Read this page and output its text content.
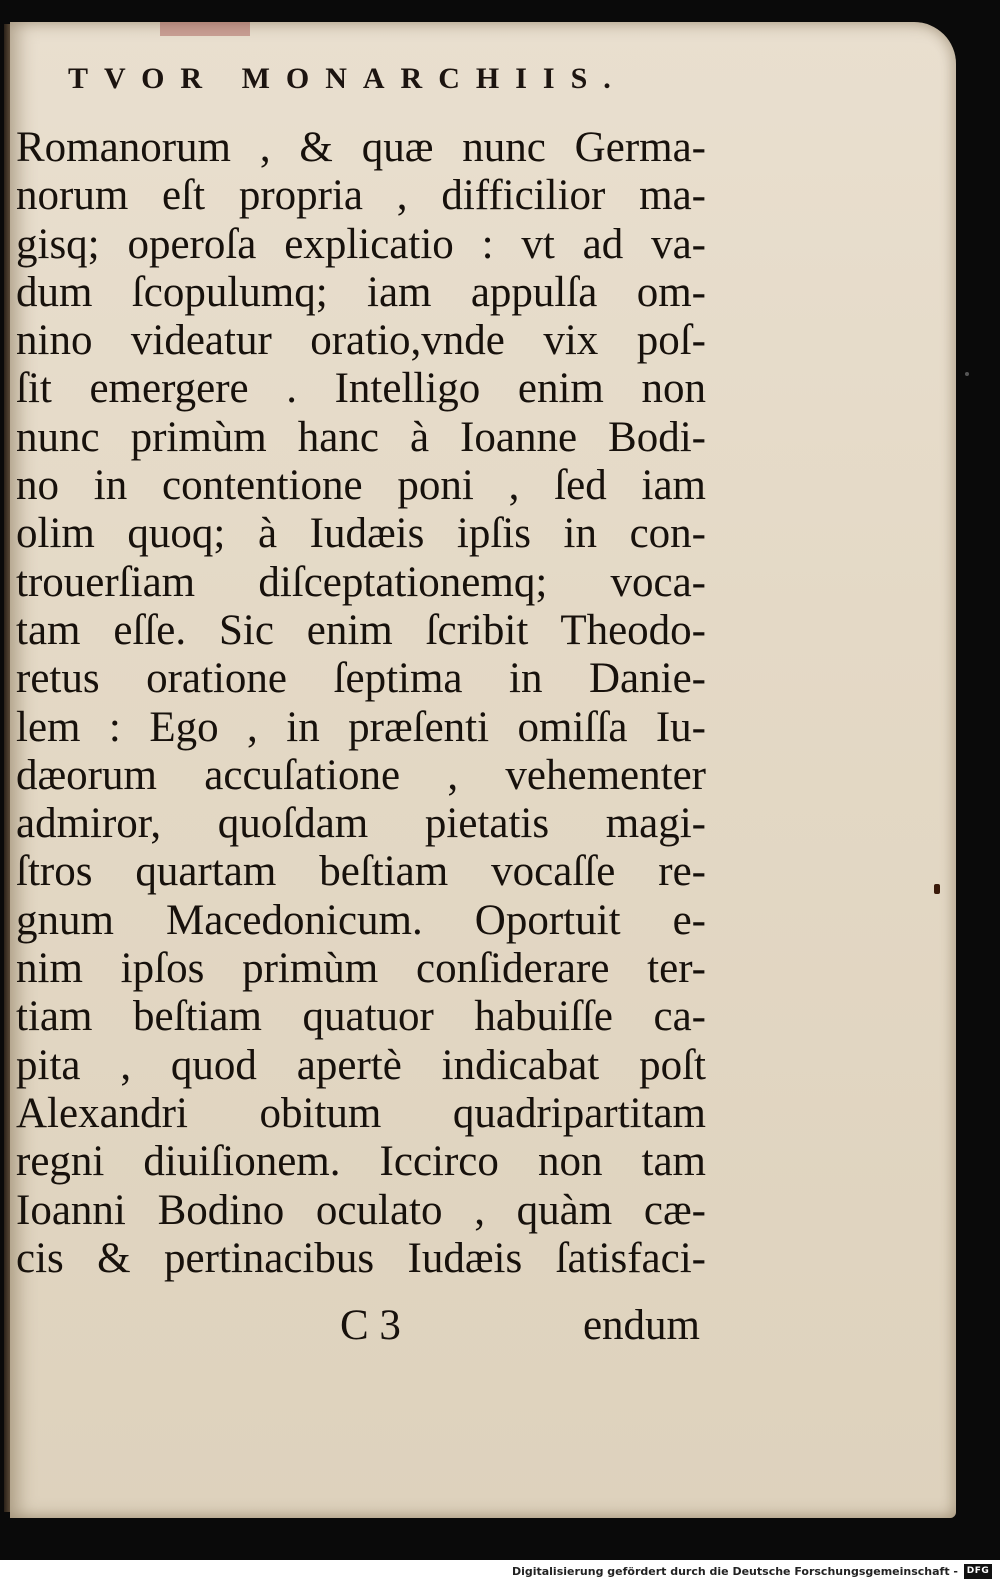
TVOR MONARCHIIS.
Romanorum , & quæ nunc Germa-
norum eſt propria , difficilior ma-
gisq; operoſa explicatio : vt ad va-
dum ſcopulumq; iam appulſa om-
nino videatur oratio,vnde vix poſ-
ſit emergere . Intelligo enim non
nunc primùm hanc à Ioanne Bodi-
no in contentione poni , ſed iam
olim quoq; à Iudæis ipſis in con-
trouerſiam diſceptationemq; voca-
tam eſſe. Sic enim ſcribit Theodo-
retus oratione ſeptima in Danie-
lem : Ego , in præſenti omiſſa Iu-
dæorum accuſatione , vehementer
admiror, quoſdam pietatis magi-
ſtros quartam beſtiam vocaſſe re-
gnum Macedonicum. Oportuit e-
nim ipſos primùm conſiderare ter-
tiam beſtiam quatuor habuiſſe ca-
pita , quod apertè indicabat poſt
Alexandri obitum quadripartitam
regni diuiſionem. Iccirco non tam
Ioanni Bodino oculato , quàm cæ-
cis & pertinacibus Iudæis ſatisfaci-
C 3	endum
Digitalisierung gefördert durch die Deutsche Forschungsgemeinschaft - DFG
